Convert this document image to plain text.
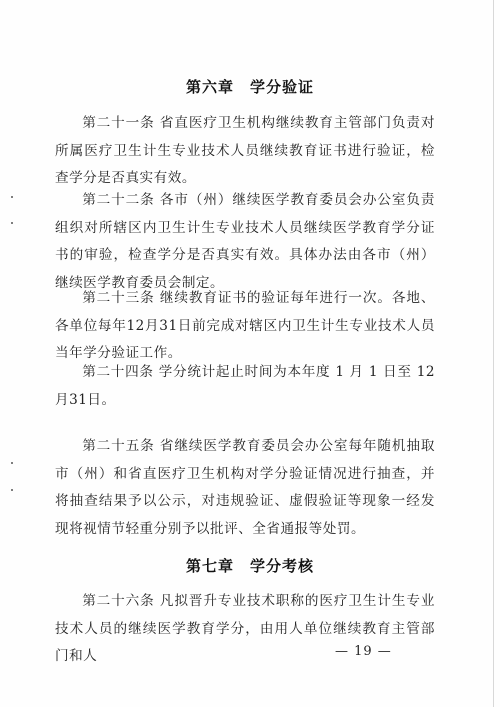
第六章　学分验证

第二十一条 省直医疗卫生机构继续教育主管部门负责对所属医疗卫生计生专业技术人员继续教育证书进行验证，检查学分是否真实有效。

第二十二条 各市（州）继续医学教育委员会办公室负责组织对所辖区内卫生计生专业技术人员继续医学教育学分证书的审验，检查学分是否真实有效。具体办法由各市（州）继续医学教育委员会制定。

第二十三条 继续教育证书的验证每年进行一次。各地、各单位每年12月31日前完成对辖区内卫生计生专业技术人员当年学分验证工作。

第二十四条 学分统计起止时间为本年度 1 月 1 日至 12 月31日。

第二十五条 省继续医学教育委员会办公室每年随机抽取市（州）和省直医疗卫生机构对学分验证情况进行抽查，并将抽查结果予以公示，对违规验证、虚假验证等现象一经发现将视情节轻重分别予以批评、全省通报等处罚。

第七章　学分考核

第二十六条 凡拟晋升专业技术职称的医疗卫生计生专业技术人员的继续医学教育学分，由用人单位继续教育主管部门和人	— 19 —
